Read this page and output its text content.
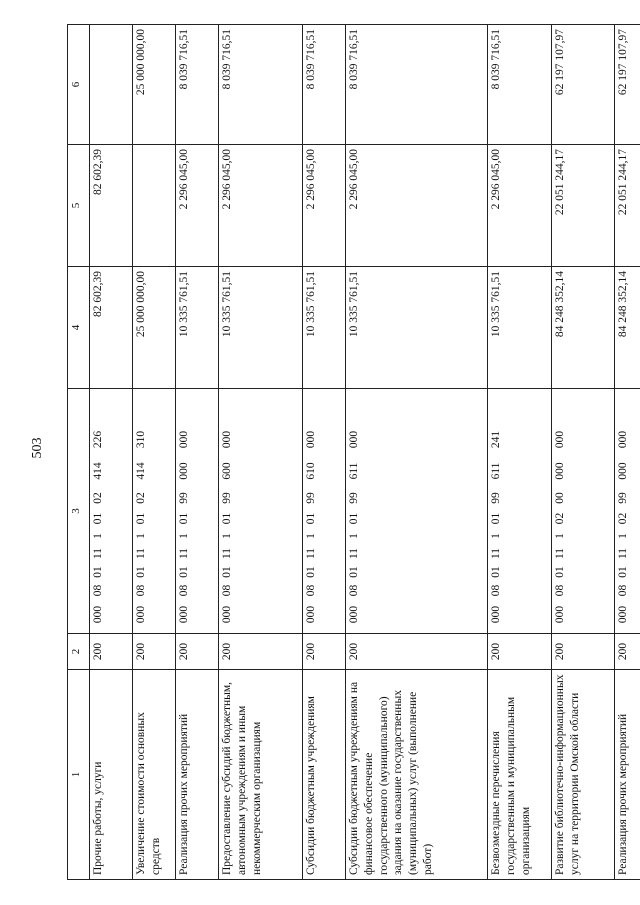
503
1	2	3	4	5	6
Прочие работы, услуги	200	00008011110102414226	82 602,39	82 602,39	
Увеличение стоимости основных средств	200	00008011110102414310	25 000 000,00		25 000 000,00
Реализация прочих мероприятий	200	00008011110199000000	10 335 761,51	2 296 045,00	8 039 716,51
Предоставление субсидий бюджетным, автономным учреждениям и иным некоммерческим организациям	200	00008011110199600000	10 335 761,51	2 296 045,00	8 039 716,51
Субсидии бюджетным учреждениям	200	00008011110199610000	10 335 761,51	2 296 045,00	8 039 716,51
Субсидии бюджетным учреждениям на финансовое обеспечение государственного (муниципального) задания на оказание государственных (муниципальных) услуг (выполнение работ)	200	00008011110199611000	10 335 761,51	2 296 045,00	8 039 716,51
Безвозмездные перечисления государственным и муниципальным организациям	200	00008011110199611241	10 335 761,51	2 296 045,00	8 039 716,51
Развитие библиотечно-информационных услуг на территории Омской области	200	00008011110200000000	84 248 352,14	22 051 244,17	62 197 107,97
Реализация прочих мероприятий	200	00008011110299000000	84 248 352,14	22 051 244,17	62 197 107,97
